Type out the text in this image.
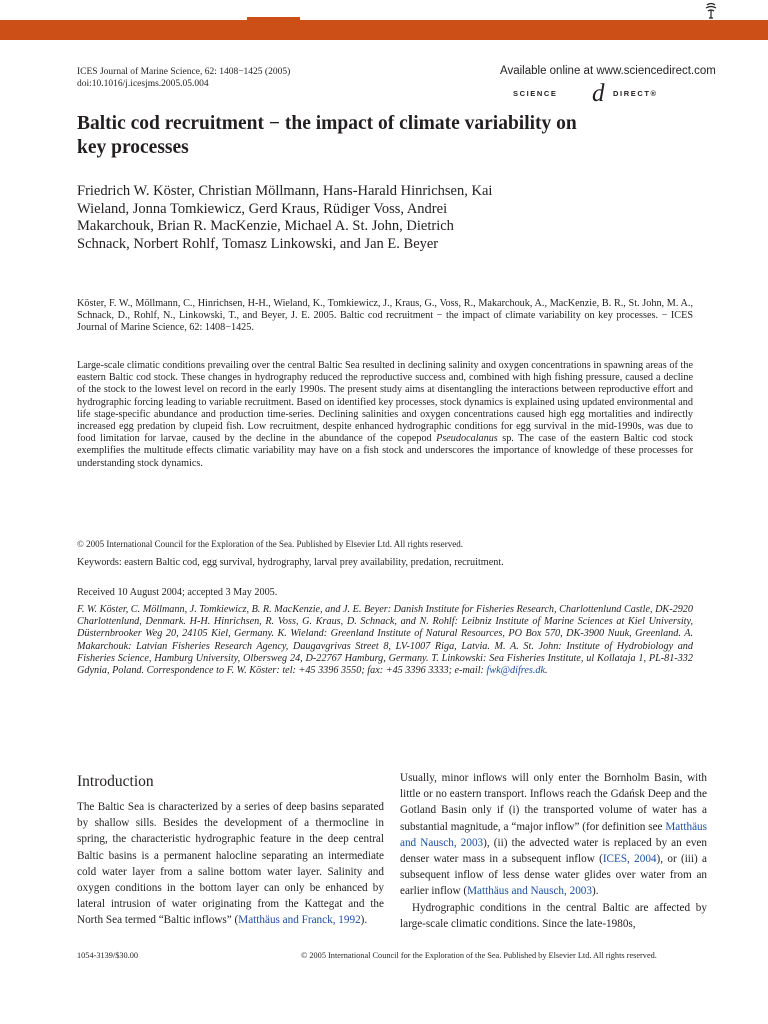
ICES Journal of Marine Science, 62: 1408−1425 (2005)
doi:10.1016/j.icesjms.2005.05.004
Available online at www.sciencedirect.com
SCIENCE d DIRECT®
Baltic cod recruitment − the impact of climate variability on key processes
Friedrich W. Köster, Christian Möllmann, Hans-Harald Hinrichsen, Kai Wieland, Jonna Tomkiewicz, Gerd Kraus, Rüdiger Voss, Andrei Makarchouk, Brian R. MacKenzie, Michael A. St. John, Dietrich Schnack, Norbert Rohlf, Tomasz Linkowski, and Jan E. Beyer
Köster, F. W., Möllmann, C., Hinrichsen, H-H., Wieland, K., Tomkiewicz, J., Kraus, G., Voss, R., Makarchouk, A., MacKenzie, B. R., St. John, M. A., Schnack, D., Rohlf, N., Linkowski, T., and Beyer, J. E. 2005. Baltic cod recruitment − the impact of climate variability on key processes. − ICES Journal of Marine Science, 62: 1408−1425.
Large-scale climatic conditions prevailing over the central Baltic Sea resulted in declining salinity and oxygen concentrations in spawning areas of the eastern Baltic cod stock. These changes in hydrography reduced the reproductive success and, combined with high fishing pressure, caused a decline of the stock to the lowest level on record in the early 1990s. The present study aims at disentangling the interactions between reproductive effort and hydrographic forcing leading to variable recruitment. Based on identified key processes, stock dynamics is explained using updated environmental and life stage-specific abundance and production time-series. Declining salinities and oxygen concentrations caused high egg mortalities and indirectly increased egg predation by clupeid fish. Low recruitment, despite enhanced hydrographic conditions for egg survival in the mid-1990s, was due to food limitation for larvae, caused by the decline in the abundance of the copepod Pseudocalanus sp. The case of the eastern Baltic cod stock exemplifies the multitude effects climatic variability may have on a fish stock and underscores the importance of knowledge of these processes for understanding stock dynamics.
© 2005 International Council for the Exploration of the Sea. Published by Elsevier Ltd. All rights reserved.
Keywords: eastern Baltic cod, egg survival, hydrography, larval prey availability, predation, recruitment.
Received 10 August 2004; accepted 3 May 2005.
F. W. Köster, C. Möllmann, J. Tomkiewicz, B. R. MacKenzie, and J. E. Beyer: Danish Institute for Fisheries Research, Charlottenlund Castle, DK-2920 Charlottenlund, Denmark. H-H. Hinrichsen, R. Voss, G. Kraus, D. Schnack, and N. Rohlf: Leibniz Institute of Marine Sciences at Kiel University, Düsternbrooker Weg 20, 24105 Kiel, Germany. K. Wieland: Greenland Institute of Natural Resources, PO Box 570, DK-3900 Nuuk, Greenland. A. Makarchouk: Latvian Fisheries Research Agency, Daugavgrivas Street 8, LV-1007 Riga, Latvia. M. A. St. John: Institute of Hydrobiology and Fisheries Science, Hamburg University, Olbersweg 24, D-22767 Hamburg, Germany. T. Linkowski: Sea Fisheries Institute, ul Kollataja 1, PL-81-332 Gdynia, Poland. Correspondence to F. W. Köster: tel: +45 3396 3550; fax: +45 3396 3333; e-mail: fwk@difres.dk.
Introduction
The Baltic Sea is characterized by a series of deep basins separated by shallow sills. Besides the development of a thermocline in spring, the characteristic hydrographic feature in the deep central Baltic basins is a permanent halocline separating an intermediate cold water layer from a saline bottom water layer. Salinity and oxygen conditions in the bottom layer can only be enhanced by lateral intrusion of water originating from the Kattegat and the North Sea termed “Baltic inflows” (Matthäus and Franck, 1992).
Usually, minor inflows will only enter the Bornholm Basin, with little or no eastern transport. Inflows reach the Gdańsk Deep and the Gotland Basin only if (i) the transported volume of water has a substantial magnitude, a “major inflow” (for definition see Matthäus and Nausch, 2003), (ii) the advected water is replaced by an even denser water mass in a subsequent inflow (ICES, 2004), or (iii) a subsequent inflow of less dense water glides over water from an earlier inflow (Matthäus and Nausch, 2003).
Hydrographic conditions in the central Baltic are affected by large-scale climatic conditions. Since the late-1980s,
1054-3139/$30.00	© 2005 International Council for the Exploration of the Sea. Published by Elsevier Ltd. All rights reserved.
